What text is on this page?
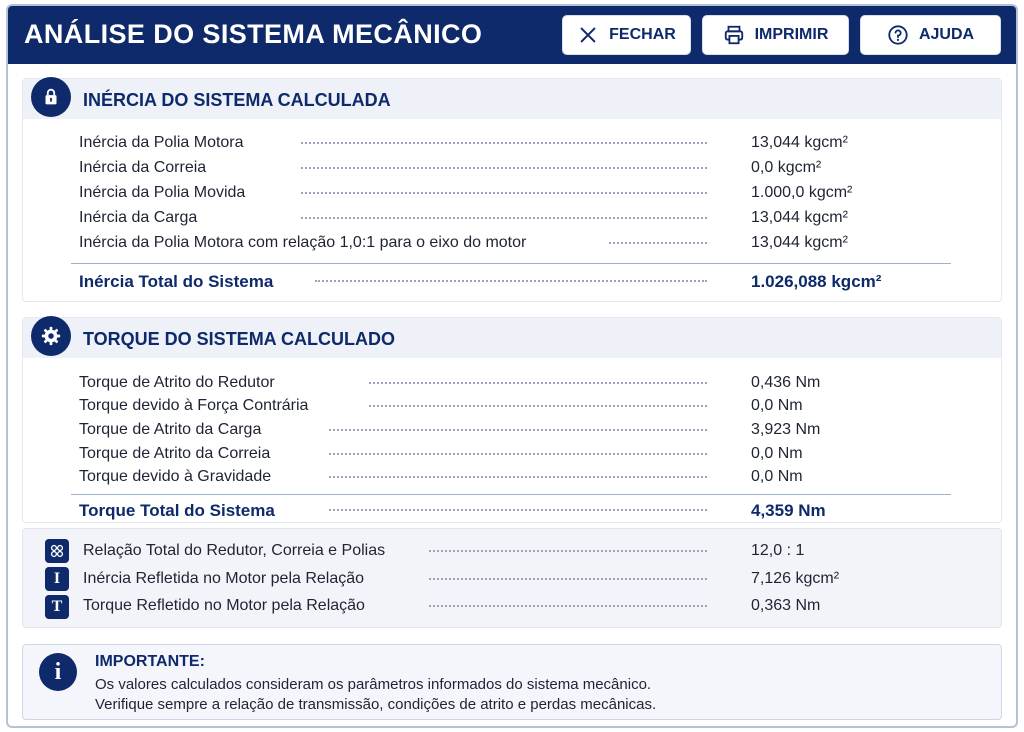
ANÁLISE DO SISTEMA MECÂNICO	FECHAR	IMPRIMIR	AJUDA
INÉRCIA DO SISTEMA CALCULADA
Inércia da Polia Motora	13,044 kgcm²
Inércia da Correia	0,0 kgcm²
Inércia da Polia Movida	1.000,0 kgcm²
Inércia da Carga	13,044 kgcm²
Inércia da Polia Motora com relação 1,0:1 para o eixo do motor	13,044 kgcm²
Inércia Total do Sistema	1.026,088 kgcm²
TORQUE DO SISTEMA CALCULADO
Torque de Atrito do Redutor	0,436 Nm
Torque devido à Força Contrária	0,0 Nm
Torque de Atrito da Carga	3,923 Nm
Torque de Atrito da Correia	0,0 Nm
Torque devido à Gravidade	0,0 Nm
Torque Total do Sistema	4,359 Nm
I
T
Relação Total do Redutor, Correia e Polias	12,0 : 1
Inércia Refletida no Motor pela Relação	7,126 kgcm²
Torque Refletido no Motor pela Relação	0,363 Nm
i	IMPORTANTE:
Os valores calculados consideram os parâmetros informados do sistema mecânico.
Verifique sempre a relação de transmissão, condições de atrito e perdas mecânicas.
